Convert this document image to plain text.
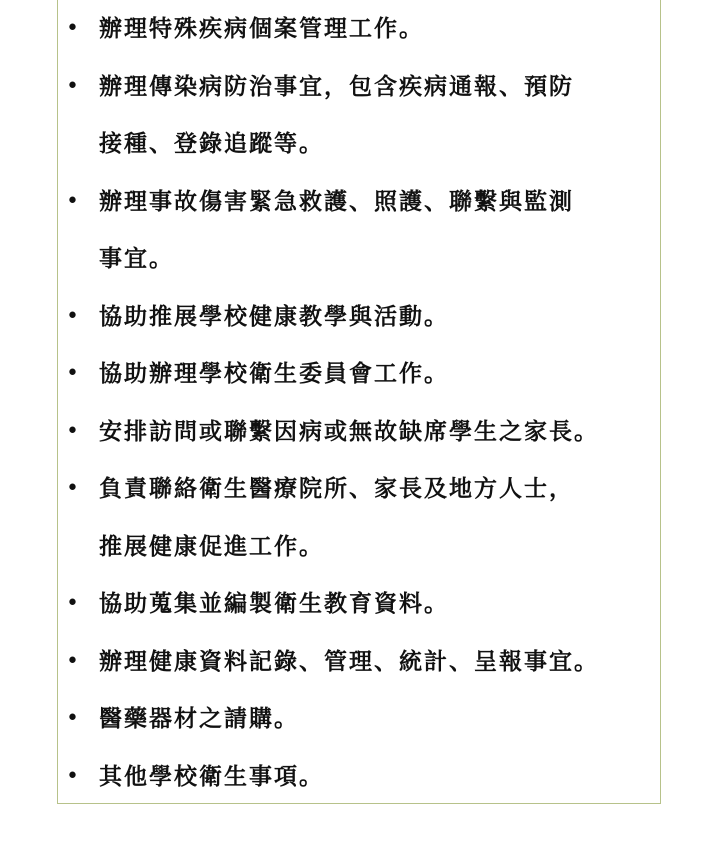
• 辦理特殊疾病個案管理工作。
• 辦理傳染病防治事宜，包含疾病通報、預防
接種、登錄追蹤等。
• 辦理事故傷害緊急救護、照護、聯繫與監測
事宜。
• 協助推展學校健康教學與活動。
• 協助辦理學校衛生委員會工作。
• 安排訪問或聯繫因病或無故缺席學生之家長。
• 負責聯絡衛生醫療院所、家長及地方人士，
推展健康促進工作。
• 協助蒐集並編製衛生教育資料。
• 辦理健康資料記錄、管理、統計、呈報事宜。
• 醫藥器材之請購。
• 其他學校衛生事項。
